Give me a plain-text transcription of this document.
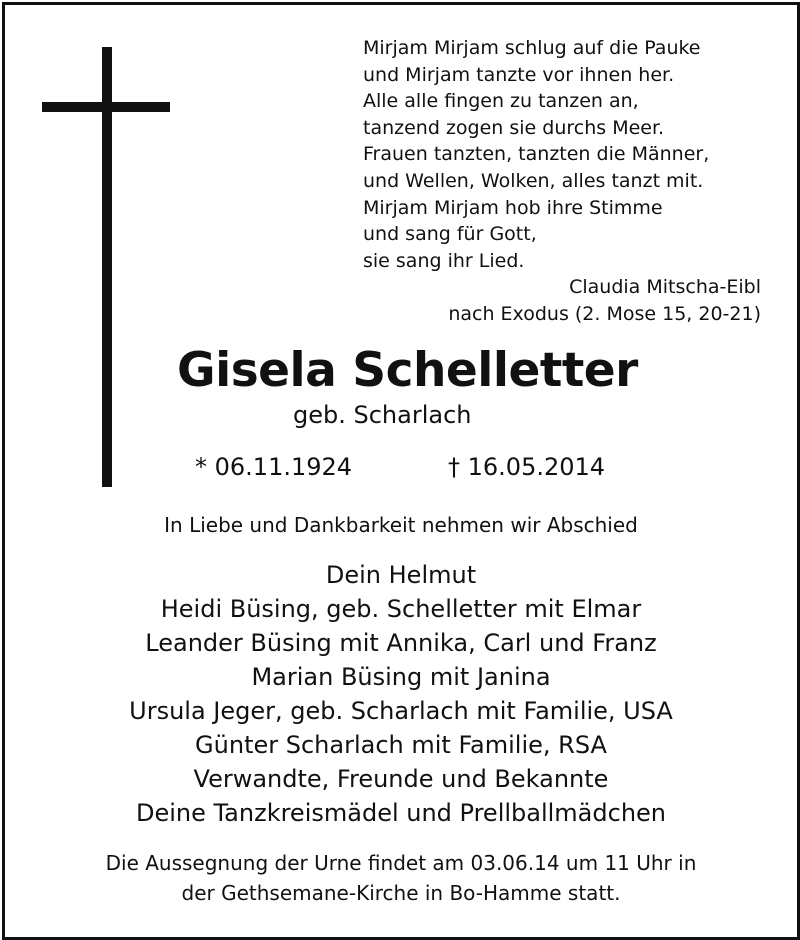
Mirjam Mirjam schlug auf die Pauke
und Mirjam tanzte vor ihnen her.
Alle alle fingen zu tanzen an,
tanzend zogen sie durchs Meer.
Frauen tanzten, tanzten die Männer,
und Wellen, Wolken, alles tanzt mit.
Mirjam Mirjam hob ihre Stimme
und sang für Gott,
sie sang ihr Lied.
Claudia Mitscha-Eibl
nach Exodus (2. Mose 15, 20-21)
Gisela Schelletter
geb. Scharlach
* 06.11.1924	† 16.05.2014
In Liebe und Dankbarkeit nehmen wir Abschied
Dein Helmut
Heidi Büsing, geb. Schelletter mit Elmar
Leander Büsing mit Annika, Carl und Franz
Marian Büsing mit Janina
Ursula Jeger, geb. Scharlach mit Familie, USA
Günter Scharlach mit Familie, RSA
Verwandte, Freunde und Bekannte
Deine Tanzkreismädel und Prellballmädchen
Die Aussegnung der Urne findet am 03.06.14 um 11 Uhr in
der Gethsemane-Kirche in Bo-Hamme statt.
